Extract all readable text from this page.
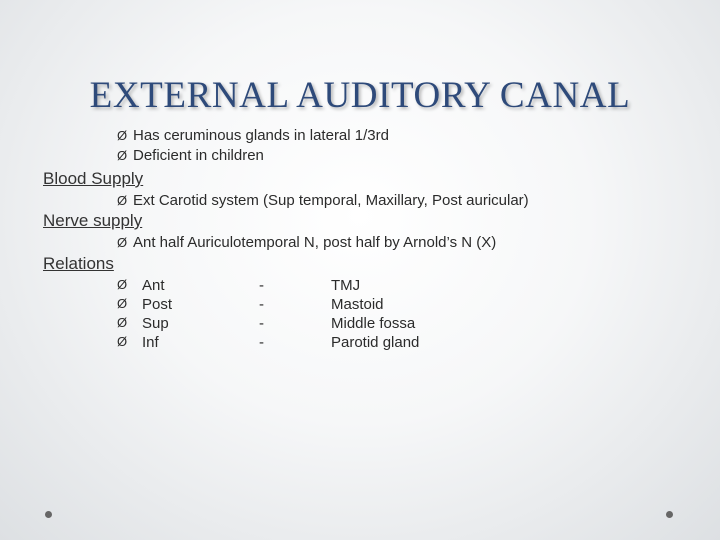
EXTERNAL AUDITORY CANAL
Ø Has ceruminous glands in lateral 1/3rd
Ø Deficient in children
Blood Supply
Ø Ext Carotid system (Sup temporal, Maxillary, Post auricular)
Nerve supply
Ø Ant half Auriculotemporal N, post half by Arnold’s N (X)
Relations
Ø Ant	-	TMJ
Ø Post	-	Mastoid
Ø Sup	-	Middle fossa
Ø Inf	-	Parotid gland
